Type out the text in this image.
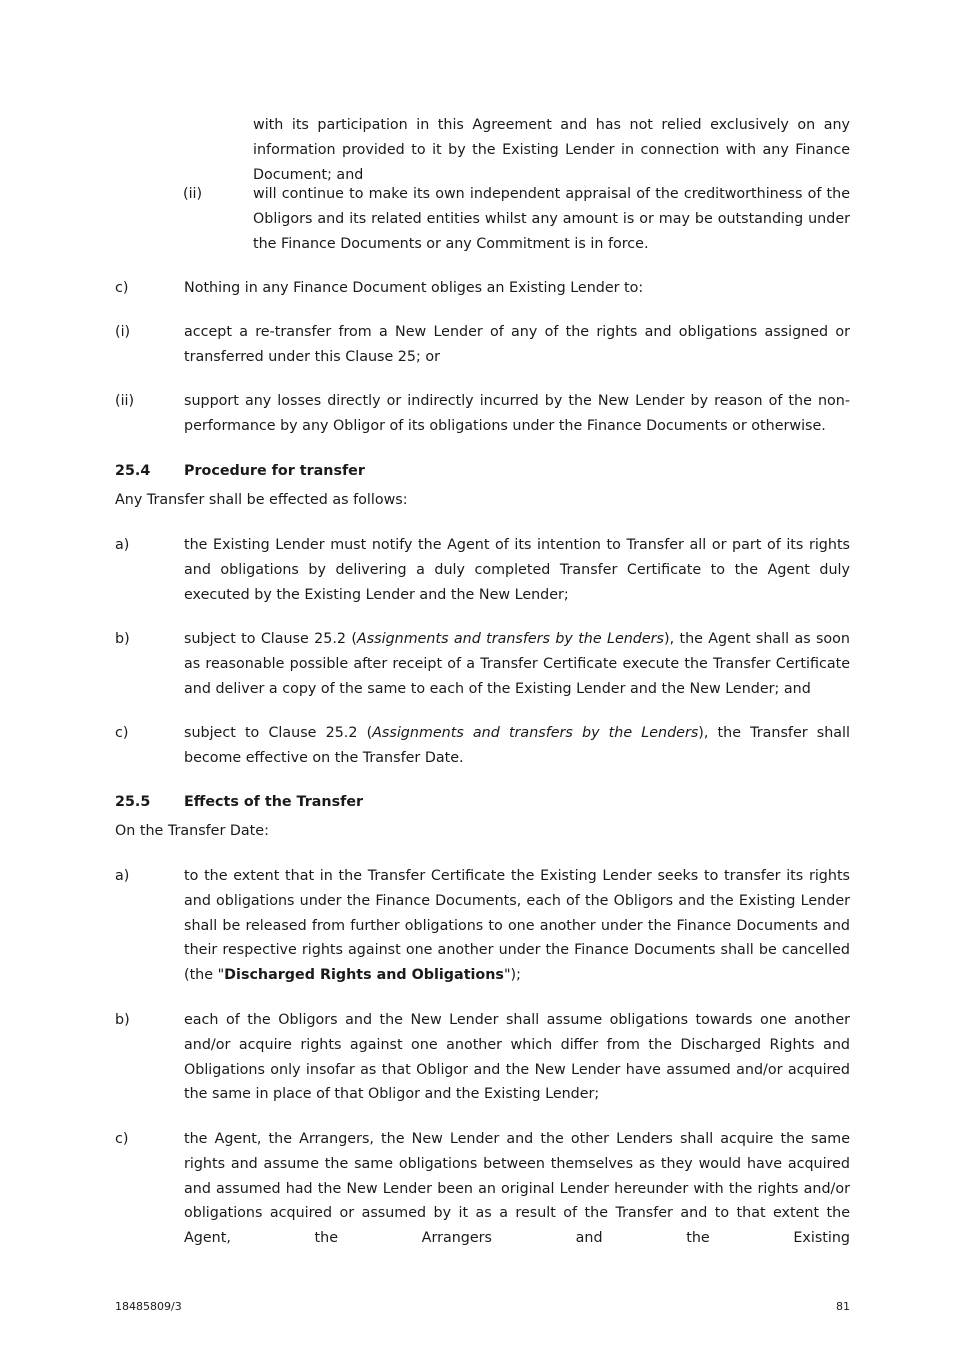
with its participation in this Agreement and has not relied exclusively on any information provided to it by the Existing Lender in connection with any Finance Document; and

(ii)	will continue to make its own independent appraisal of the creditworthiness of the Obligors and its related entities whilst any amount is or may be outstanding under the Finance Documents or any Commitment is in force.

c)	Nothing in any Finance Document obliges an Existing Lender to:

(i)	accept a re-transfer from a New Lender of any of the rights and obligations assigned or transferred under this Clause 25; or

(ii)	support any losses directly or indirectly incurred by the New Lender by reason of the non-performance by any Obligor of its obligations under the Finance Documents or otherwise.

25.4 Procedure for transfer

Any Transfer shall be effected as follows:

a)	the Existing Lender must notify the Agent of its intention to Transfer all or part of its rights and obligations by delivering a duly completed Transfer Certificate to the Agent duly executed by the Existing Lender and the New Lender;

b)	subject to Clause 25.2 (Assignments and transfers by the Lenders), the Agent shall as soon as reasonable possible after receipt of a Transfer Certificate execute the Transfer Certificate and deliver a copy of the same to each of the Existing Lender and the New Lender; and

c)	subject to Clause 25.2 (Assignments and transfers by the Lenders), the Transfer shall become effective on the Transfer Date.

25.5 Effects of the Transfer

On the Transfer Date:

a)	to the extent that in the Transfer Certificate the Existing Lender seeks to transfer its rights and obligations under the Finance Documents, each of the Obligors and the Existing Lender shall be released from further obligations to one another under the Finance Documents and their respective rights against one another under the Finance Documents shall be cancelled (the "Discharged Rights and Obligations");

b)	each of the Obligors and the New Lender shall assume obligations towards one another and/or acquire rights against one another which differ from the Discharged Rights and Obligations only insofar as that Obligor and the New Lender have assumed and/or acquired the same in place of that Obligor and the Existing Lender;

c)	the Agent, the Arrangers, the New Lender and the other Lenders shall acquire the same rights and assume the same obligations between themselves as they would have acquired and assumed had the New Lender been an original Lender hereunder with the rights and/or obligations acquired or assumed by it as a result of the Transfer and to that extent the Agent, the Arrangers and the Existing

18485809/3	81
